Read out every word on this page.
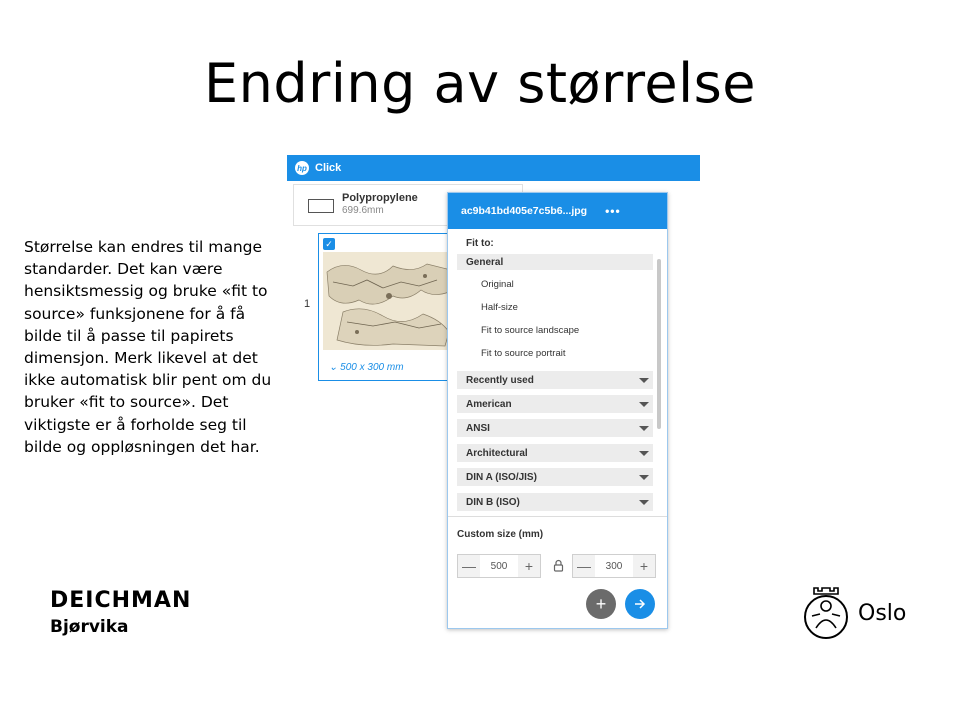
Endring av størrelse
Størrelse kan endres til mange standarder. Det kan være hensiktsmessig og bruke «fit to source» funksjonene for å få bilde til å passe til papirets dimensjon. Merk likevel at det ikke automatisk blir pent om du bruker «fit to source». Det viktigste er å forholde seg til bilde og oppløsningen det har.
hp Click
Polypropylene
699.6mm
1
✓
⌄ 500 x 300 mm
ac9b41bd405e7c5b6...jpg •••
Fit to:
General
Original
Half-size
Fit to source landscape
Fit to source portrait
Recently used
American
ANSI
Architectural
DIN A (ISO/JIS)
DIN B (ISO)
Custom size (mm)
—	500	+	—	300	+
+
DEICHMAN
Bjørvika
Oslo
